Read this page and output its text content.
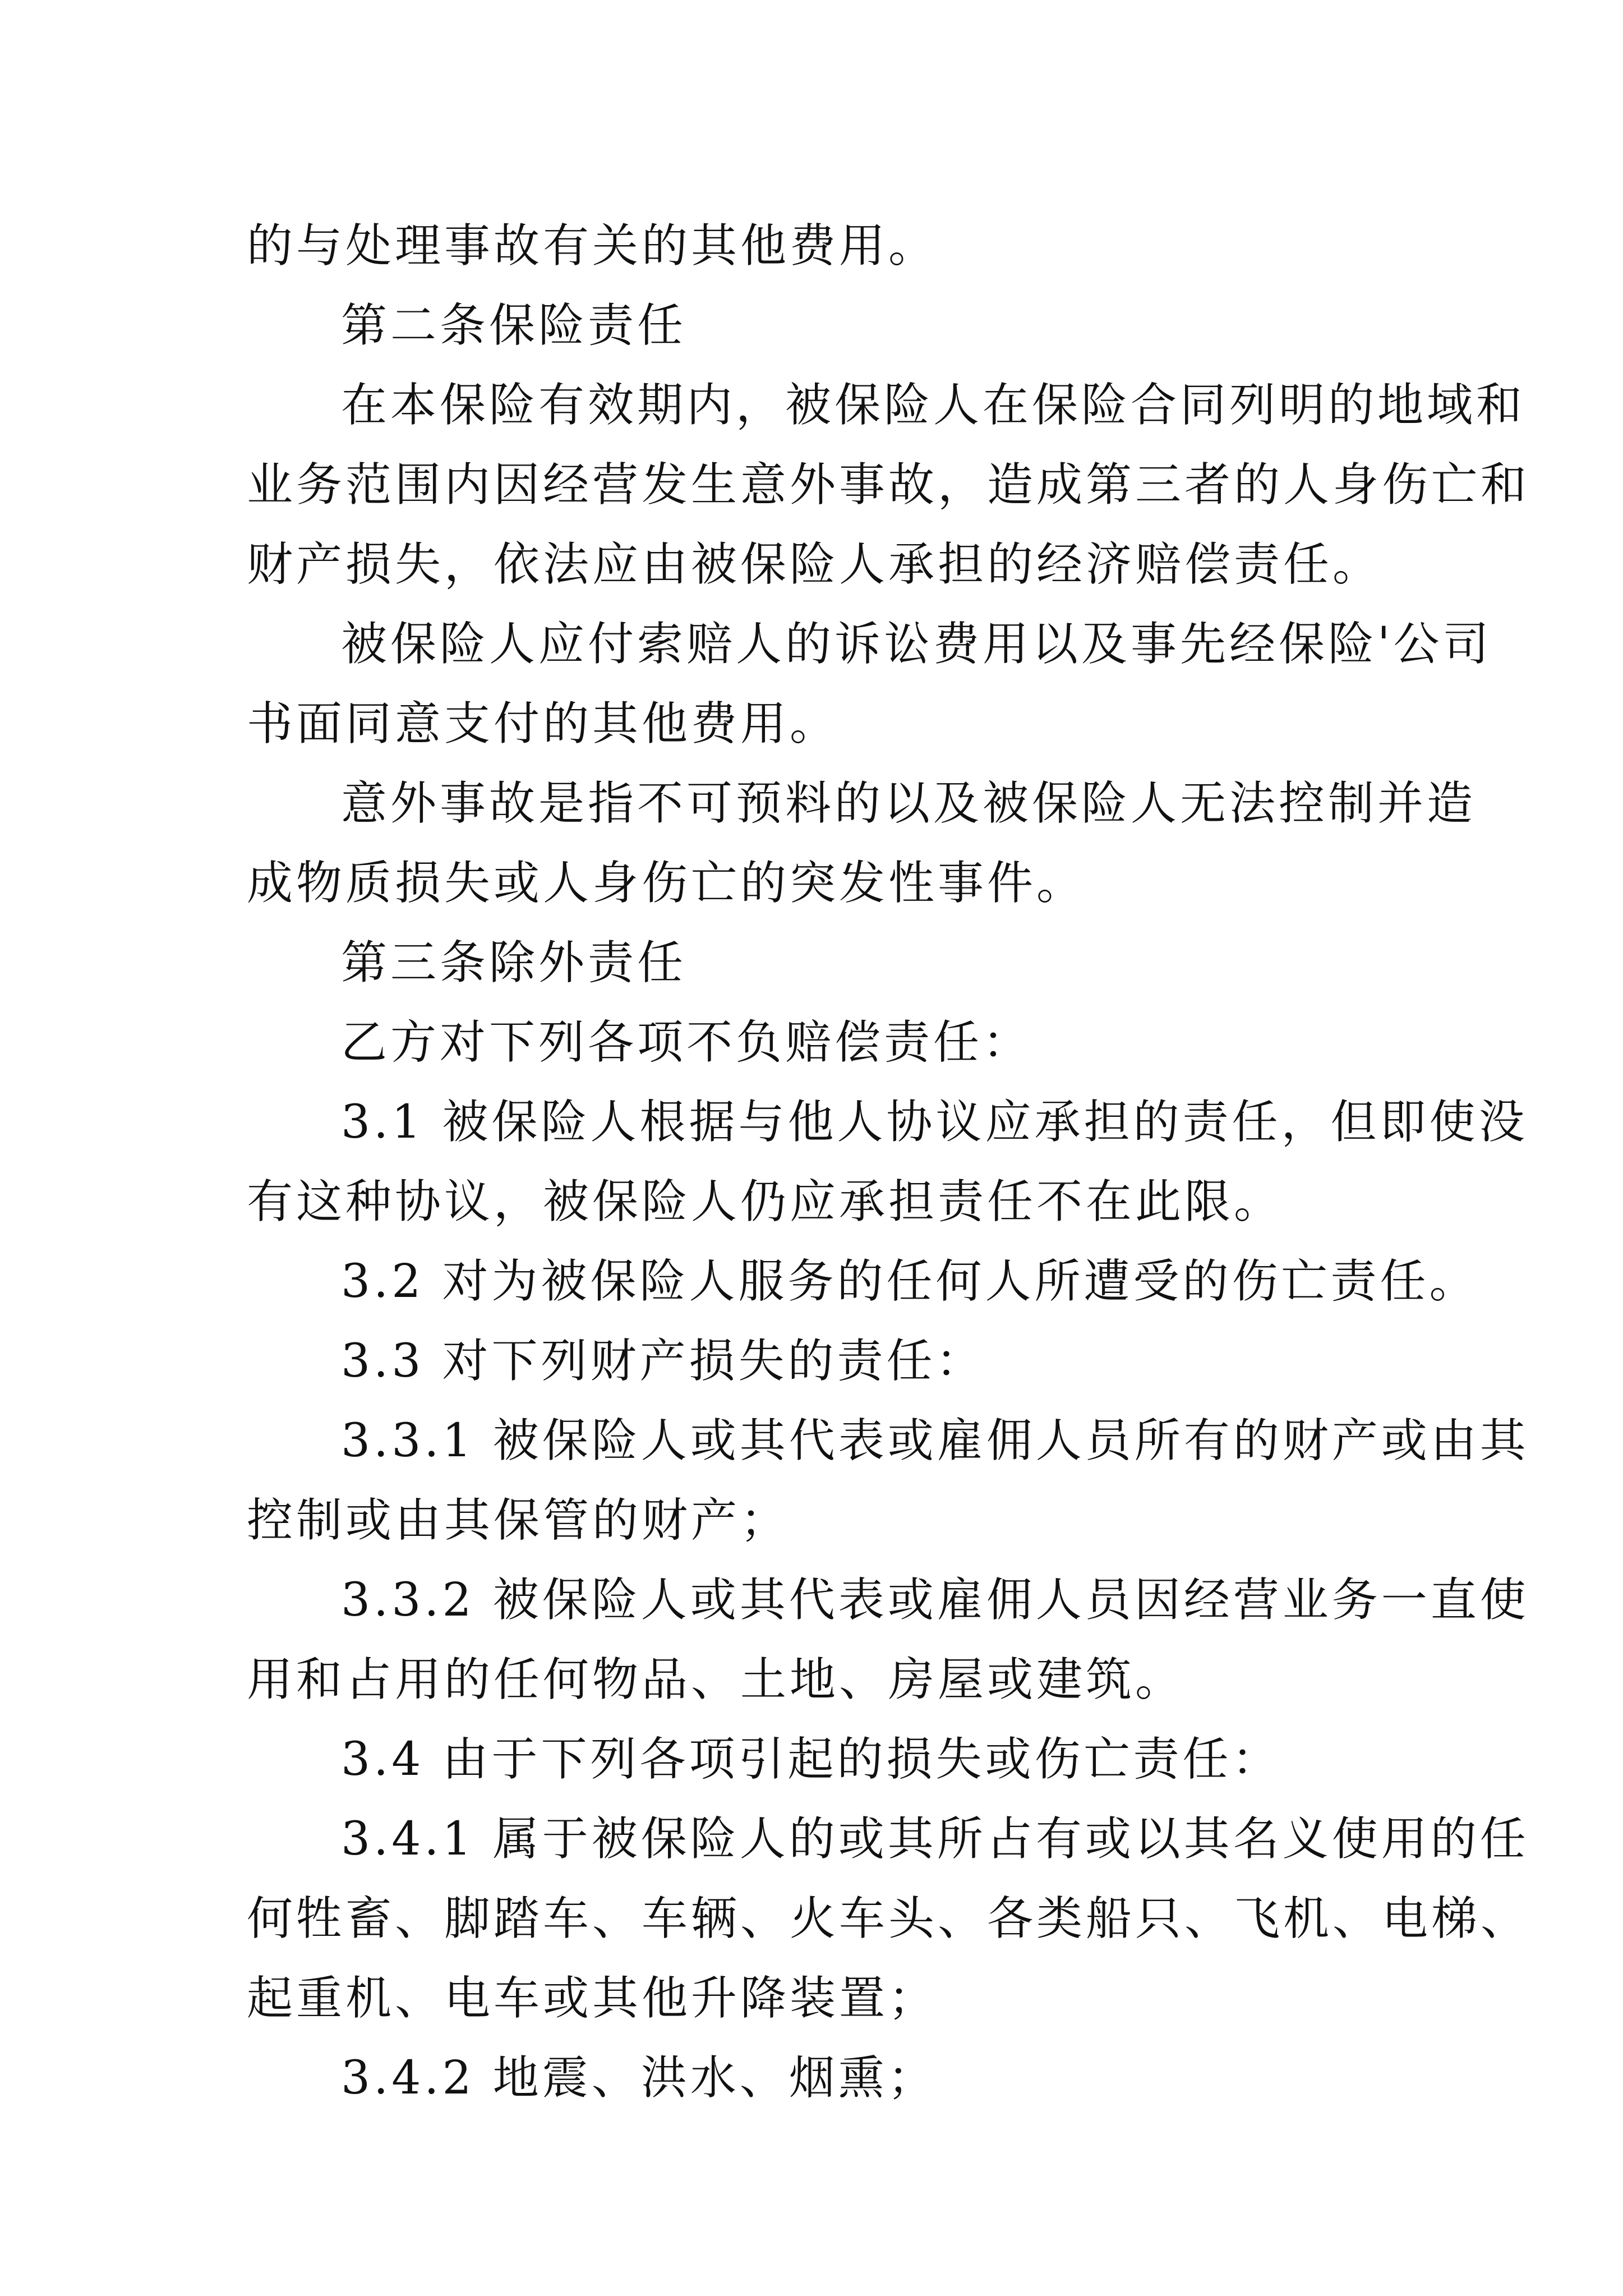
的与处理事故有关的其他费用。

第二条保险责任

在本保险有效期内，被保险人在保险合同列明的地域和

业务范围内因经营发生意外事故，造成第三者的人身伤亡和

财产损失，依法应由被保险人承担的经济赔偿责任。

被保险人应付索赔人的诉讼费用以及事先经保险'公司

书面同意支付的其他费用。

意外事故是指不可预料的以及被保险人无法控制并造

成物质损失或人身伤亡的突发性事件。

第三条除外责任

乙方对下列各项不负赔偿责任：

3.1 被保险人根据与他人协议应承担的责任，但即使没

有这种协议，被保险人仍应承担责任不在此限。

3.2 对为被保险人服务的任何人所遭受的伤亡责任。

3.3 对下列财产损失的责任：

3.3.1 被保险人或其代表或雇佣人员所有的财产或由其

控制或由其保管的财产；

3.3.2 被保险人或其代表或雇佣人员因经营业务一直使

用和占用的任何物品、土地、房屋或建筑。

3.4 由于下列各项引起的损失或伤亡责任：

3.4.1 属于被保险人的或其所占有或以其名义使用的任

何牲畜、脚踏车、车辆、火车头、各类船只、飞机、电梯、

起重机、电车或其他升降装置；

3.4.2 地震、洪水、烟熏；
